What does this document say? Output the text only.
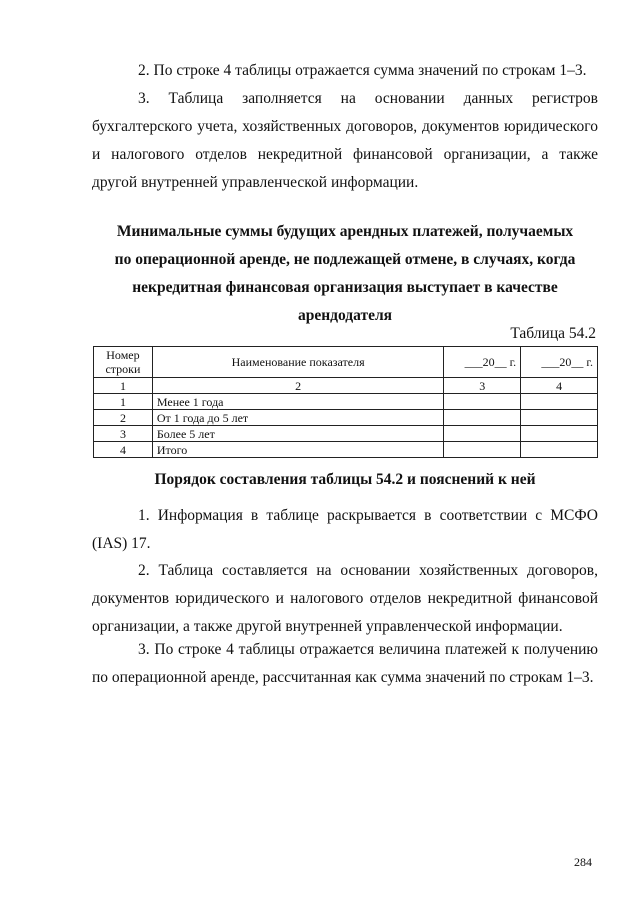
2. По строке 4 таблицы отражается сумма значений по строкам 1–3.
3. Таблица заполняется на основании данных регистров бухгалтерского учета, хозяйственных договоров, документов юридического и налогового отделов некредитной финансовой организации, а также другой внутренней управленческой информации.
Минимальные суммы будущих арендных платежей, получаемых
по операционной аренде, не подлежащей отмене, в случаях, когда
некредитная финансовая организация выступает в качестве
арендодателя
Таблица 54.2
Номер строки	Наименование показателя	___20__ г.	___20__ г.
1	2	3	4
1	Менее 1 года		
2	От 1 года до 5 лет		
3	Более 5 лет		
4	Итого		
Порядок составления таблицы 54.2 и пояснений к ней
1. Информация в таблице раскрывается в соответствии с МСФО (IAS) 17.
2. Таблица составляется на основании хозяйственных договоров, документов юридического и налогового отделов некредитной финансовой организации, а также другой внутренней управленческой информации.
3. По строке 4 таблицы отражается величина платежей к получению по операционной аренде, рассчитанная как сумма значений по строкам 1–3.
284
